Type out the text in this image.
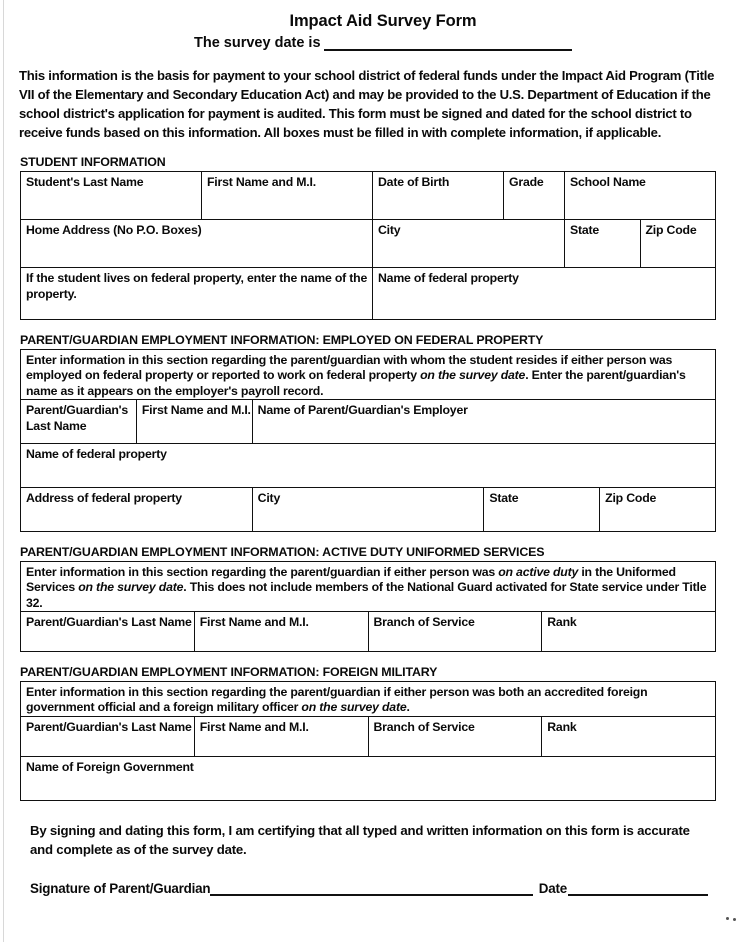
Impact Aid Survey Form
The survey date is
This information is the basis for payment to your school district of federal funds under the Impact Aid Program (Title VII of the Elementary and Secondary Education Act) and may be provided to the U.S. Department of Education if the school district's application for payment is audited. This form must be signed and dated for the school district to receive funds based on this information. All boxes must be filled in with complete information, if applicable.
STUDENT INFORMATION
Student's Last Name	First Name and M.I.	Date of Birth	Grade	School Name	
Home Address (No P.O. Boxes)		City		State	Zip Code
If the student lives on federal property, enter the name of the property.		Name of federal property			
PARENT/GUARDIAN EMPLOYMENT INFORMATION: EMPLOYED ON FEDERAL PROPERTY
Enter information in this section regarding the parent/guardian with whom the student resides if either person was employed on federal property or reported to work on federal property on the survey date. Enter the parent/guardian's name as it appears on the employer's payroll record.				
Parent/Guardian's Last Name	First Name and M.I.	Name of Parent/Guardian's Employer		
Name of federal property				
Address of federal property		City	State	Zip Code
PARENT/GUARDIAN EMPLOYMENT INFORMATION: ACTIVE DUTY UNIFORMED SERVICES
Enter information in this section regarding the parent/guardian if either person was on active duty in the Uniformed Services on the survey date. This does not include members of the National Guard activated for State service under Title 32.
Parent/Guardian's Last Name	First Name and M.I.	Branch of Service	Rank
PARENT/GUARDIAN EMPLOYMENT INFORMATION: FOREIGN MILITARY
Enter information in this section regarding the parent/guardian if either person was both an accredited foreign government official and a foreign military officer on the survey date.
Parent/Guardian's Last Name	First Name and M.I.	Branch of Service	Rank
Name of Foreign Government
By signing and dating this form, I am certifying that all typed and written information on this form is accurate and complete as of the survey date.
Signature of Parent/Guardian	Date
